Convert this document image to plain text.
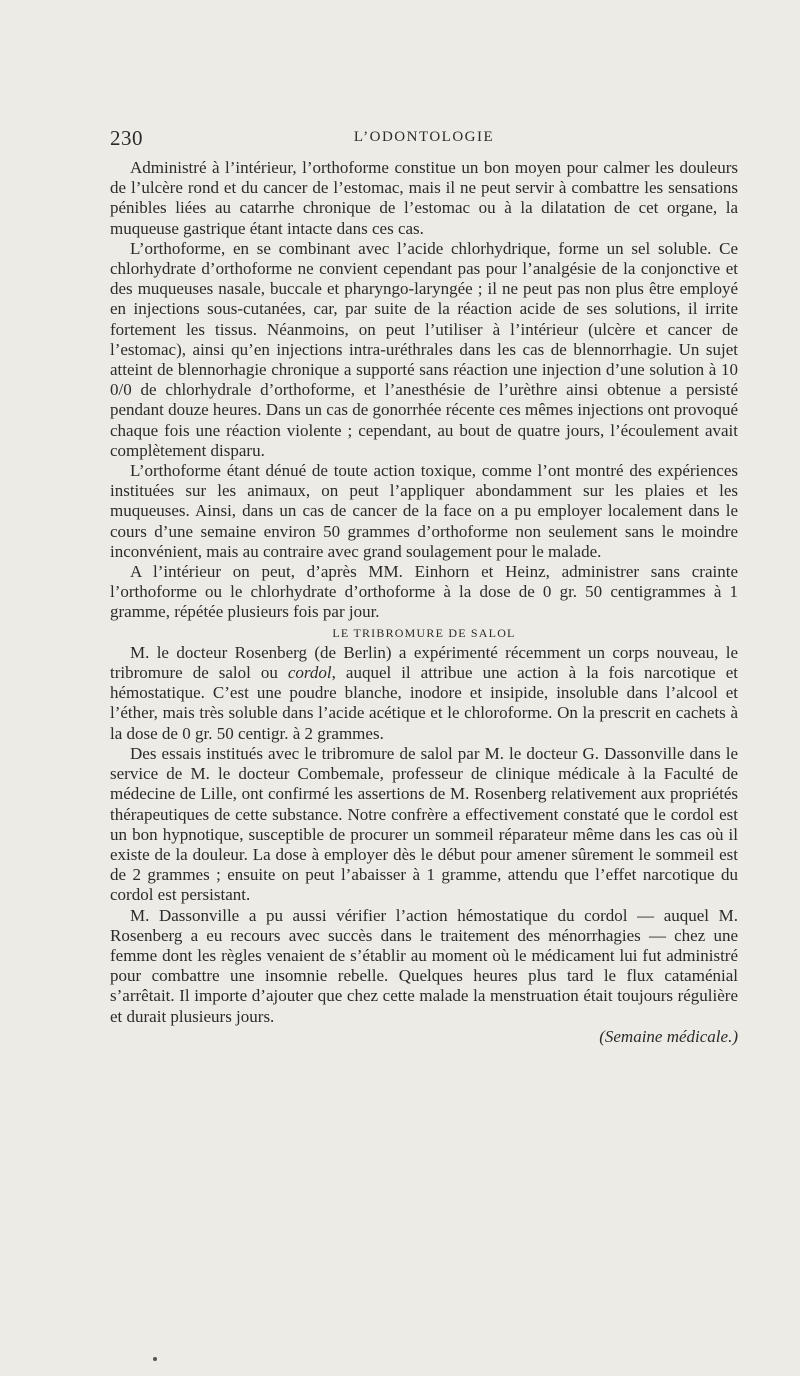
230	L’ODONTOLOGIE

Administré à l’intérieur, l’orthoforme constitue un bon moyen pour calmer les douleurs de l’ulcère rond et du cancer de l’estomac, mais il ne peut servir à combattre les sensations pénibles liées au catarrhe chronique de l’estomac ou à la dilatation de cet organe, la muqueuse gastrique étant intacte dans ces cas.

L’orthoforme, en se combinant avec l’acide chlorhydrique, forme un sel soluble. Ce chlorhydrate d’orthoforme ne convient cependant pas pour l’analgésie de la conjonctive et des muqueuses nasale, buccale et pharyngo-laryngée ; il ne peut pas non plus être employé en injections sous-cutanées, car, par suite de la réaction acide de ses solutions, il irrite fortement les tissus. Néanmoins, on peut l’utiliser à l’intérieur (ulcère et cancer de l’estomac), ainsi qu’en injections intra-uréthrales dans les cas de blennorrhagie. Un sujet atteint de blennorhagie chronique a supporté sans réaction une injection d’une solution à 10 0/0 de chlorhydrale d’orthoforme, et l’anesthésie de l’urèthre ainsi obtenue a persisté pendant douze heures. Dans un cas de gonorrhée récente ces mêmes injections ont provoqué chaque fois une réaction violente ; cependant, au bout de quatre jours, l’écoulement avait complètement disparu.

L’orthoforme étant dénué de toute action toxique, comme l’ont montré des expériences instituées sur les animaux, on peut l’appliquer abondamment sur les plaies et les muqueuses. Ainsi, dans un cas de cancer de la face on a pu employer localement dans le cours d’une semaine environ 50 grammes d’orthoforme non seulement sans le moindre inconvénient, mais au contraire avec grand soulagement pour le malade.

A l’intérieur on peut, d’après MM. Einhorn et Heinz, administrer sans crainte l’orthoforme ou le chlorhydrate d’orthoforme à la dose de 0 gr. 50 centigrammes à 1 gramme, répétée plusieurs fois par jour.

LE TRIBROMURE DE SALOL

M. le docteur Rosenberg (de Berlin) a expérimenté récemment un corps nouveau, le tribromure de salol ou cordol, auquel il attribue une action à la fois narcotique et hémostatique. C’est une poudre blanche, inodore et insipide, insoluble dans l’alcool et l’éther, mais très soluble dans l’acide acétique et le chloroforme. On la prescrit en cachets à la dose de 0 gr. 50 centigr. à 2 grammes.

Des essais institués avec le tribromure de salol par M. le docteur G. Dassonville dans le service de M. le docteur Combemale, professeur de clinique médicale à la Faculté de médecine de Lille, ont confirmé les assertions de M. Rosenberg relativement aux propriétés thérapeutiques de cette substance. Notre confrère a effectivement constaté que le cordol est un bon hypnotique, susceptible de procurer un sommeil réparateur même dans les cas où il existe de la douleur. La dose à employer dès le début pour amener sûrement le sommeil est de 2 grammes ; ensuite on peut l’abaisser à 1 gramme, attendu que l’effet narcotique du cordol est persistant.

M. Dassonville a pu aussi vérifier l’action hémostatique du cordol — auquel M. Rosenberg a eu recours avec succès dans le traitement des ménorrhagies — chez une femme dont les règles venaient de s’établir au moment où le médicament lui fut administré pour combattre une insomnie rebelle. Quelques heures plus tard le flux cataménial s’arrêtait. Il importe d’ajouter que chez cette malade la menstruation était toujours régulière et durait plusieurs jours.

(Semaine médicale.)
